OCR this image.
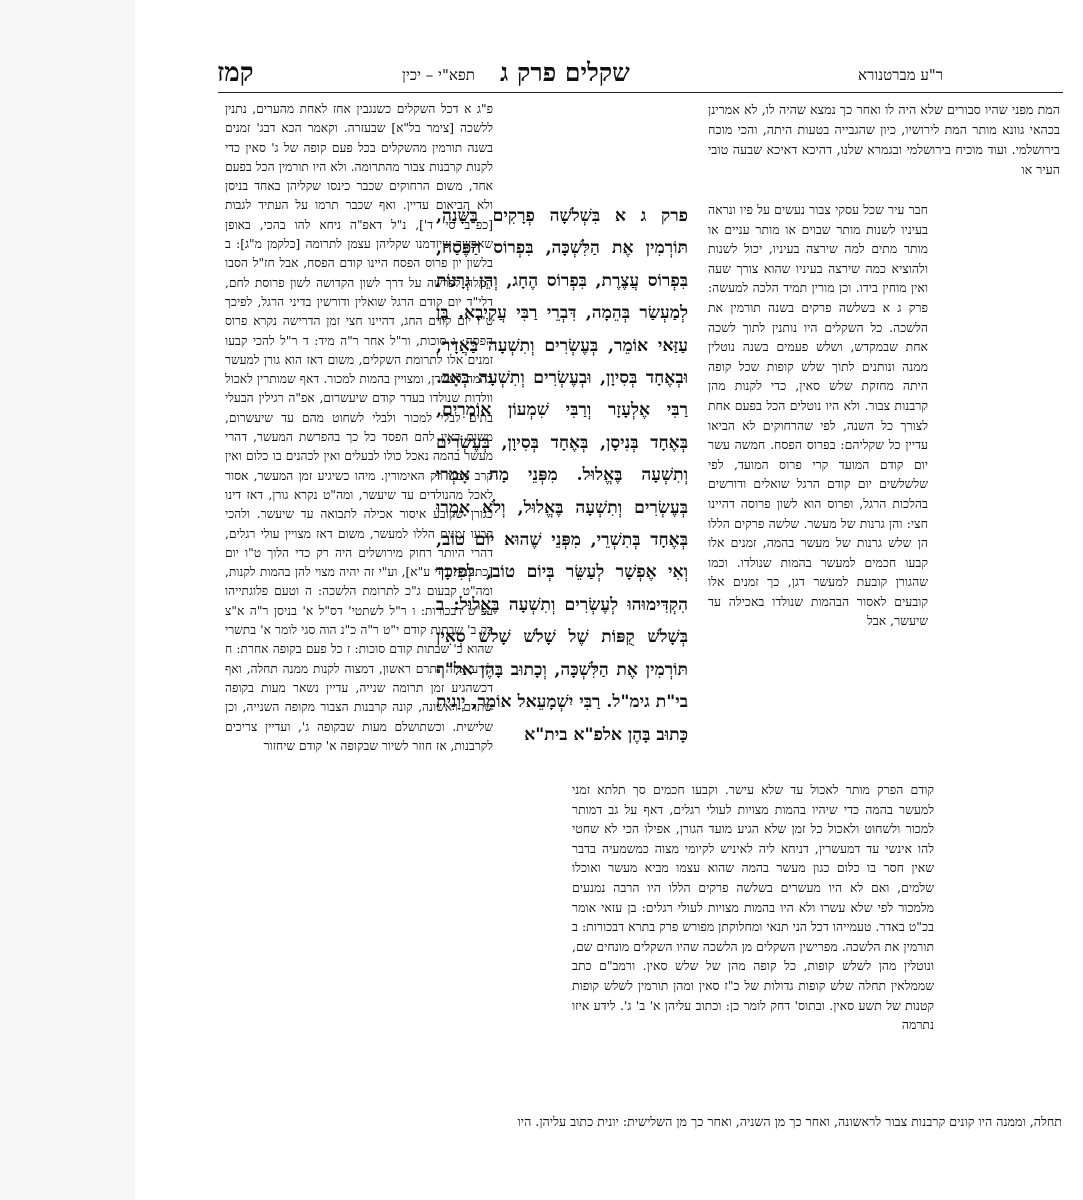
קמז	תפא"י – יכין שקלים פרק ג	ר"ע מברטנורא

פ"ג א דכל השקלים כשנגבין אחז לאחת מהערים, נתנין ללשכה [צימר בל"א] שבעזרה. וקאמר הכא דבג' זמנים בשנה תורמין מהשקלים בכל פעם קופה של ג' סאין כדי לקנות קרבנות צבור מהתרומה. ולא היו תורמין הכל בפעם אחד, משום הרחוקים שכבר כינסו שקליהן באחד בניסן ולא הביאום עדיין. ואף שכבר תרמו על העתיד לגבות [כפ"ב סי' ד'], נ"ל דאפ"ה ניחא להו בהכי, באופן שאפשר שיזדמנו שקליהן עצמן לתרומה [כלקמן מ"ג]: ב בלשון יון פרוס הפסח היינו קודם הפסח, אבל חז"ל הסבו המלה לפרשה על דרך לשון הקדושה לשון פרוסת לחם, דלי"ד יום קודם הרגל שואלין ודורשין בדיני הרגל, לפיכך ט"ו יום קודם החג, דהיינו חצי זמן הדרישה נקרא פרוס הפסח: ג סוכות, ור"ל אחר ר"ה מיד: ד ר"ל להכי קבעו זמנים אלו לתרומת השקלים, משום דאז הוא גורן למעשר בהמה לעשרן, ומצויין בהמות למכור. דאף שמותרין לאכול וולדות שנולדו בעדר קודם שיעשרום, אפ"ה רגילין הבעלי בתים לבלי למכור ולבלי לשחוט מהם עד שיעשרום, משום דאין להם הפסד כל כך בהפרשת המעשר, דהרי מעשר בהמה נאכל כולו לבעלים ואין לכהנים בו כלום ואין קרב ממנו רק האימורין. מיהו כשיגיע זמן המעשר, אסור לאכל מהנולדים עד שיעשר, ומה"ט נקרא גורן, דאז דינו כגורן שקובע איסור אכילה לתבואה עד שיעשר. ולהכי קבעו זמנים הללו למעשר, משום דאז מצויין עולי רגלים, דהרי היותר רחוק מירושלים היה רק כדי הלוך ט"ו יום [כתענית ד"י ע"א], וע"י זה יהיה מצוי להן בהמות לקנות, ומה"ט קבעום ג"כ לתרומת הלשכה: ה וטעם פלוגתייהו בפ"ט דבכורות: ו ר"ל לשתטי' דס"ל א' בניסן ר"ה א"צ רק ב' שבתות קודם י"ט ר"ה כ"נ הוה סגי לומר א' בתשרי שהוא כ' שבתות קודם סוכות: ז כל פעם בקופה אחרת: ח לידע איזה נתרם ראשון, דמצוה לקנות ממנה תחלה, ואף דכשהגיע זמן תרומה שנייה, עדיין נשאר מעות בקופה שתרם ראשונה, קונה קרבנות הצבור מקופה השנייה, וכן שלישית. וכשתושלם מעות שבקופה ג', ועדיין צריכים לקרבנות, אז חוזר לשיור שבקופה א' קודם שיחזור

פרק ג א בִּשְׁלֹשָׁה פְרָקִים בַּשָּׁנָה, תּוֹרְמִין אֶת הַלִּשְׁכָּה, בִּפְרוֹס הַפֶּסַח, בִּפְרוֹס עֲצֶרֶת, בִּפְרוֹס הֶחָג, וְהֵן גְּרָנוֹת לְמַעְשַׂר בְּהֵמָה, דִּבְרֵי רַבִּי עֲקִיבָא. בֶּן עַזַּאי אוֹמֵר, בְּעֶשְׂרִים וְתִשְׁעָה בַּאֲדָר, וּבְאֶחָד בְּסִיוָן, וּבְעֶשְׂרִים וְתִשְׁעָה בְּאָב. רַבִּי אֶלְעָזָר וְרַבִּי שִׁמְעוֹן אוֹמְרִים, בְּאֶחָד בְּנִיסָן, בְּאֶחָד בְּסִיוָן, בְּעֶשְׂרִים וְתִשְׁעָה בֶּאֱלוּל. מִפְּנֵי מָה אָמְרוּ בְּעֶשְׂרִים וְתִשְׁעָה בֶּאֱלוּל, וְלֹא אָמְרוּ בְּאֶחָד בְּתִשְׁרֵי, מִפְּנֵי שֶׁהוּא יוֹם טוֹב, וְאִי אֶפְשָׁר לְעַשֵּׂר בְּיוֹם טוֹב, לְפִיכָךְ הִקְדִּימוּהוּ לְעֶשְׂרִים וְתִשְׁעָה בֶּאֱלוּל: ב בְּשָׁלֹשׁ קֻפּוֹת שֶׁל שָׁלֹשׁ שָׁלֹשׁ סְאִין תּוֹרְמִין אֶת הַלִּשְׁכָּה, וְכָתוּב בָּהֶן אל"ף בי"ת גימ"ל. רַבִּי יִשְׁמָעֵאל אוֹמֵר, יְוָנִית כָּתוּב בָּהֶן אלפ"א בית"א

המת מפני שהיו סבורים שלא היה לו ואחר כך נמצא שהיה לו, לא אמרינן בכהאי גוונא מותר המת לירושיו, כיון שהגבייה בטעות היתה, והכי מוכח בירושלמי. ועוד מוכיח בירושלמי ובגמרא שלנו, דהיכא דאיכא שבעה טובי העיר או

חבר עיר שכל עסקי צבור נעשים על פיו ונראה בעיניו לשנות מותר שבוים או מותר עניים או מותר מתים למה שירצה בעיניו, יכול לשנות ולהוציא כמה שירצה בעיניו שהוא צורך שעה ואין מוחין בידו. וכן מורין תמיד הלכה למעשה: פרק ג א בשלשה פרקים בשנה תורמין את הלשכה. כל השקלים היו נותנין לתוך לשכה אחת שבמקדש, ושלש פעמים בשנה נוטלין ממנה ונותנים לתוך שלש קופות שכל קופה היתה מחזקת שלש סאין, כדי לקנות מהן קרבנות צבור. ולא היו נוטלים הכל בפעם אחת לצורך כל השנה, לפי שהרחוקים לא הביאו עדיין כל שקליהם: בפרוס הפסח. חמשה עשר יום קודם המועד קרי פרוס המועד, לפי שלשלשים יום קודם הרגל שואלים ודורשים בהלכות הרגל, ופרוס הוא לשון פרוסה דהיינו חצי: והן גרנות של מעשר. שלשה פרקים הללו הן שלש גרנות של מעשר בהמה, זמנים אלו קבעו חכמים למעשר בהמות שנולדו. וכמו שהגורן קובעת למעשר דגן, כך זמנים אלו קובעים לאסור הבהמות שנולדו באכילה עד שיעשר, אבל

קודם הפרק מותר לאכול עד שלא עישר. וקבעו חכמים סך תלתא זמני למעשר בהמה כדי שיהיו בהמות מצויות לעולי רגלים, דאף על גב דמותר למכור ולשחוט ולאכול כל זמן שלא הגיע מועד הגורן, אפילו הכי לא שחטי להו אינשי עד דמעשרין, דניחא ליה לאיניש לקיומי מצוה כמשמעיה בדבר שאין חסר בו כלום כגון מעשר בהמה שהוא עצמו מביא מעשר ואוכלו שלמים, ואם לא היו מעשרים בשלשה פרקים הללו היו הרבה נמנעים מלמכור לפי שלא עשרו ולא היו בהמות מצויות לעולי רגלים: בן עזאי אומר בכ"ט באדר. טעמייהו דכל הני תנאי ומחלוקתן מפורש פרק בתרא דבכורות: ב תורמין את הלשכה. מפרישין השקלים מן הלשכה שהיו השקלים מונחים שם, ונוטלין מהן לשלש קופות, כל קופה מהן של שלש סאין. ורמב"ם כתב שממלאין תחלה שלש קופות גדולות של כ"ז סאין ומהן תורמין לשלש קופות קטנות של תשע סאין. ובתוס' דחק לומר כן: וכתוב עליהן א' ב' ג'. לידע איזו נתרמה

תחלה, וממנה היו קונים קרבנות צבור לראשונה, ואחר כך מן השניה, ואחר כך מן השלישית: יונית כתוב עליהן. היו
